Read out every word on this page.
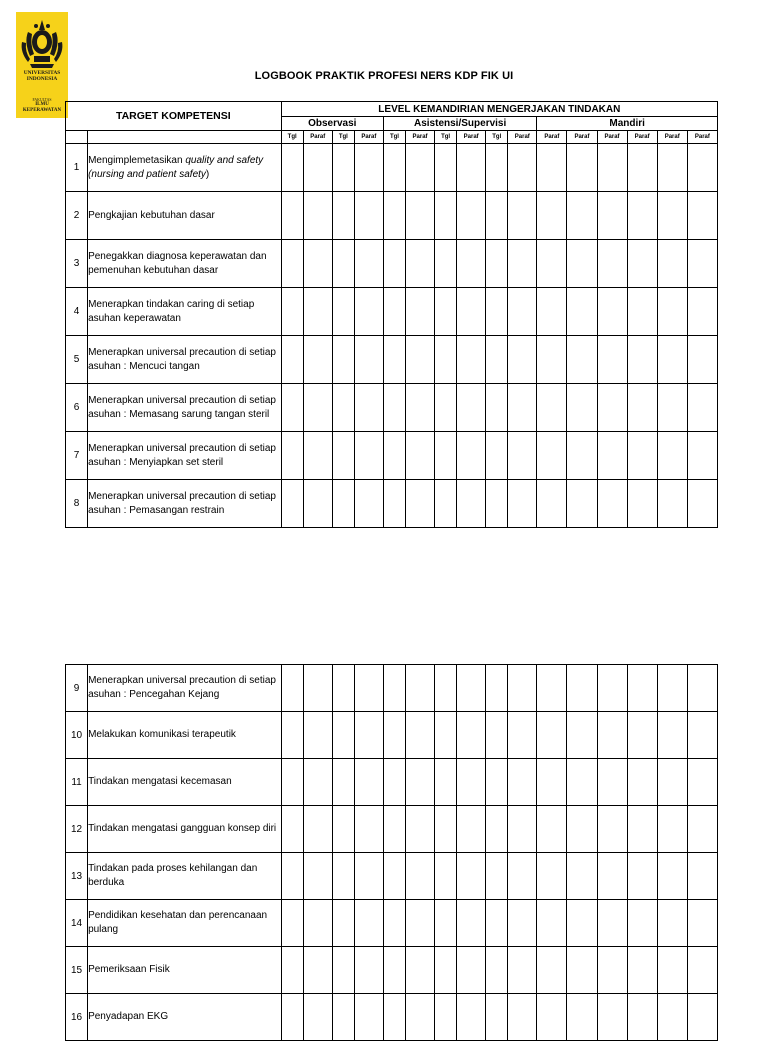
UNIVERSITAS
INDONESIA
FAKULTAS
ILMU KEPERAWATAN
LOGBOOK PRAKTIK PROFESI NERS KDP FIK UI
TARGET KOMPETENSI		LEVEL KEMANDIRIAN MENGERJAKAN TINDAKAN															
		Observasi				Asistensi/Supervisi						Mandiri					
		Tgl	Paraf	Tgl	Paraf	Tgl	Paraf	Tgl	Paraf	Tgl	Paraf	Paraf	Paraf	Paraf	Paraf	Paraf	Paraf
1	Mengimplemetasikan quality and safety (nursing and patient safety)																
2	Pengkajian kebutuhan dasar																
3	Penegakkan diagnosa keperawatan dan pemenuhan kebutuhan dasar																
4	Menerapkan tindakan caring di setiap asuhan keperawatan																
5	Menerapkan universal precaution di setiap asuhan : Mencuci tangan																
6	Menerapkan universal precaution di setiap asuhan : Memasang sarung tangan steril																
7	Menerapkan universal precaution di setiap asuhan : Menyiapkan set steril																
8	Menerapkan universal precaution di setiap asuhan : Pemasangan restrain																
9	Menerapkan universal precaution di setiap asuhan : Pencegahan Kejang																
10	Melakukan komunikasi terapeutik																
11	Tindakan mengatasi kecemasan																
12	Tindakan mengatasi gangguan konsep diri																
13	Tindakan pada proses kehilangan dan berduka																
14	Pendidikan kesehatan dan perencanaan pulang																
15	Pemeriksaan Fisik																
16	Penyadapan EKG																
